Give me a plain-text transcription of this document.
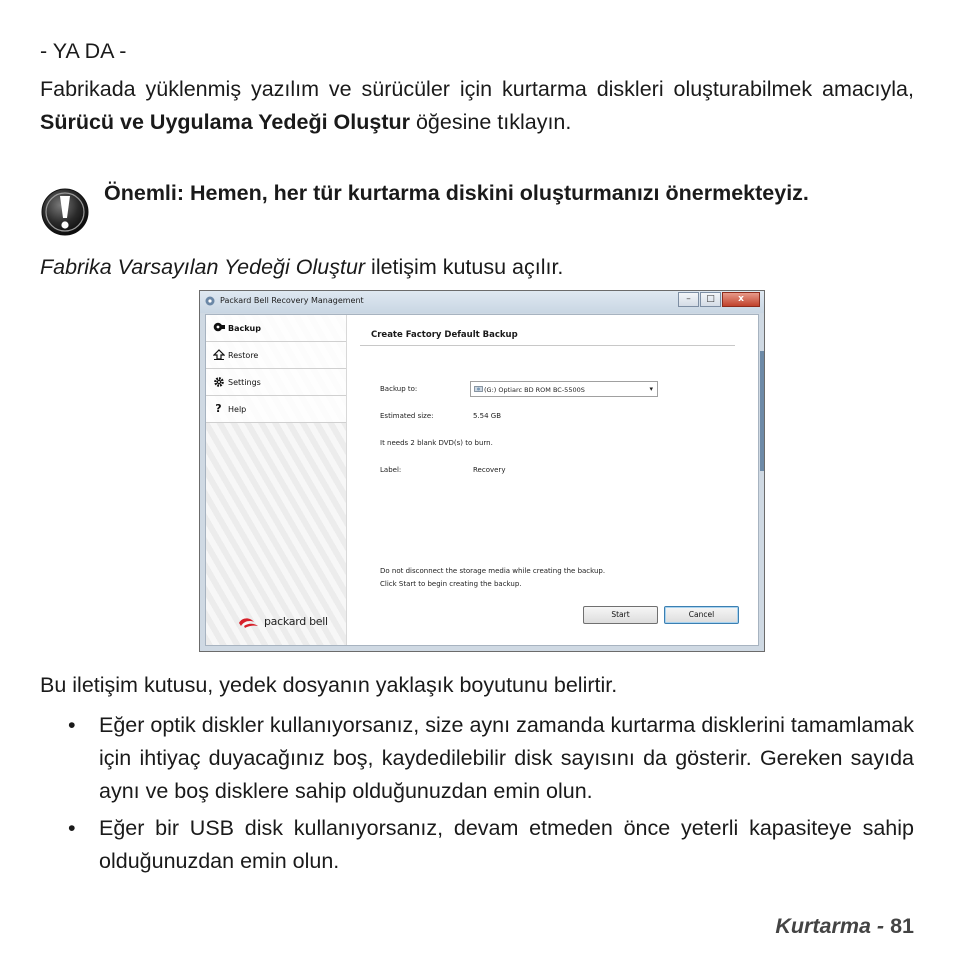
- YA DA -

Fabrikada yüklenmiş yazılım ve sürücüler için kurtarma diskleri oluşturabilmek amacıyla, Sürücü ve Uygulama Yedeği Oluştur öğesine tıklayın.

Önemli: Hemen, her tür kurtarma diskini oluşturmanızı önermekteyiz.

Fabrika Varsayılan Yedeği Oluştur iletişim kutusu açılır.

Bu iletişim kutusu, yedek dosyanın yaklaşık boyutunu belirtir.

• Eğer optik diskler kullanıyorsanız, size aynı zamanda kurtarma disklerini tamamlamak için ihtiyaç duyacağınız boş, kaydedilebilir disk sayısını da gösterir. Gereken sayıda aynı ve boş disklere sahip olduğunuzdan emin olun.
• Eğer bir USB disk kullanıyorsanız, devam etmeden önce yeterli kapasiteye sahip olduğunuzdan emin olun.
Packard Bell Recovery Management	–	□	x
Backup
Restore
Settings
? Help
packard bell
Create Factory Default Backup
Backup to:	(G:) Optiarc BD ROM BC-5500S	▾
Estimated size:	5.54 GB
It needs 2 blank DVD(s) to burn.
Label:	Recovery
Do not disconnect the storage media while creating the backup.
Click Start to begin creating the backup.
Start	Cancel
Kurtarma - 81
